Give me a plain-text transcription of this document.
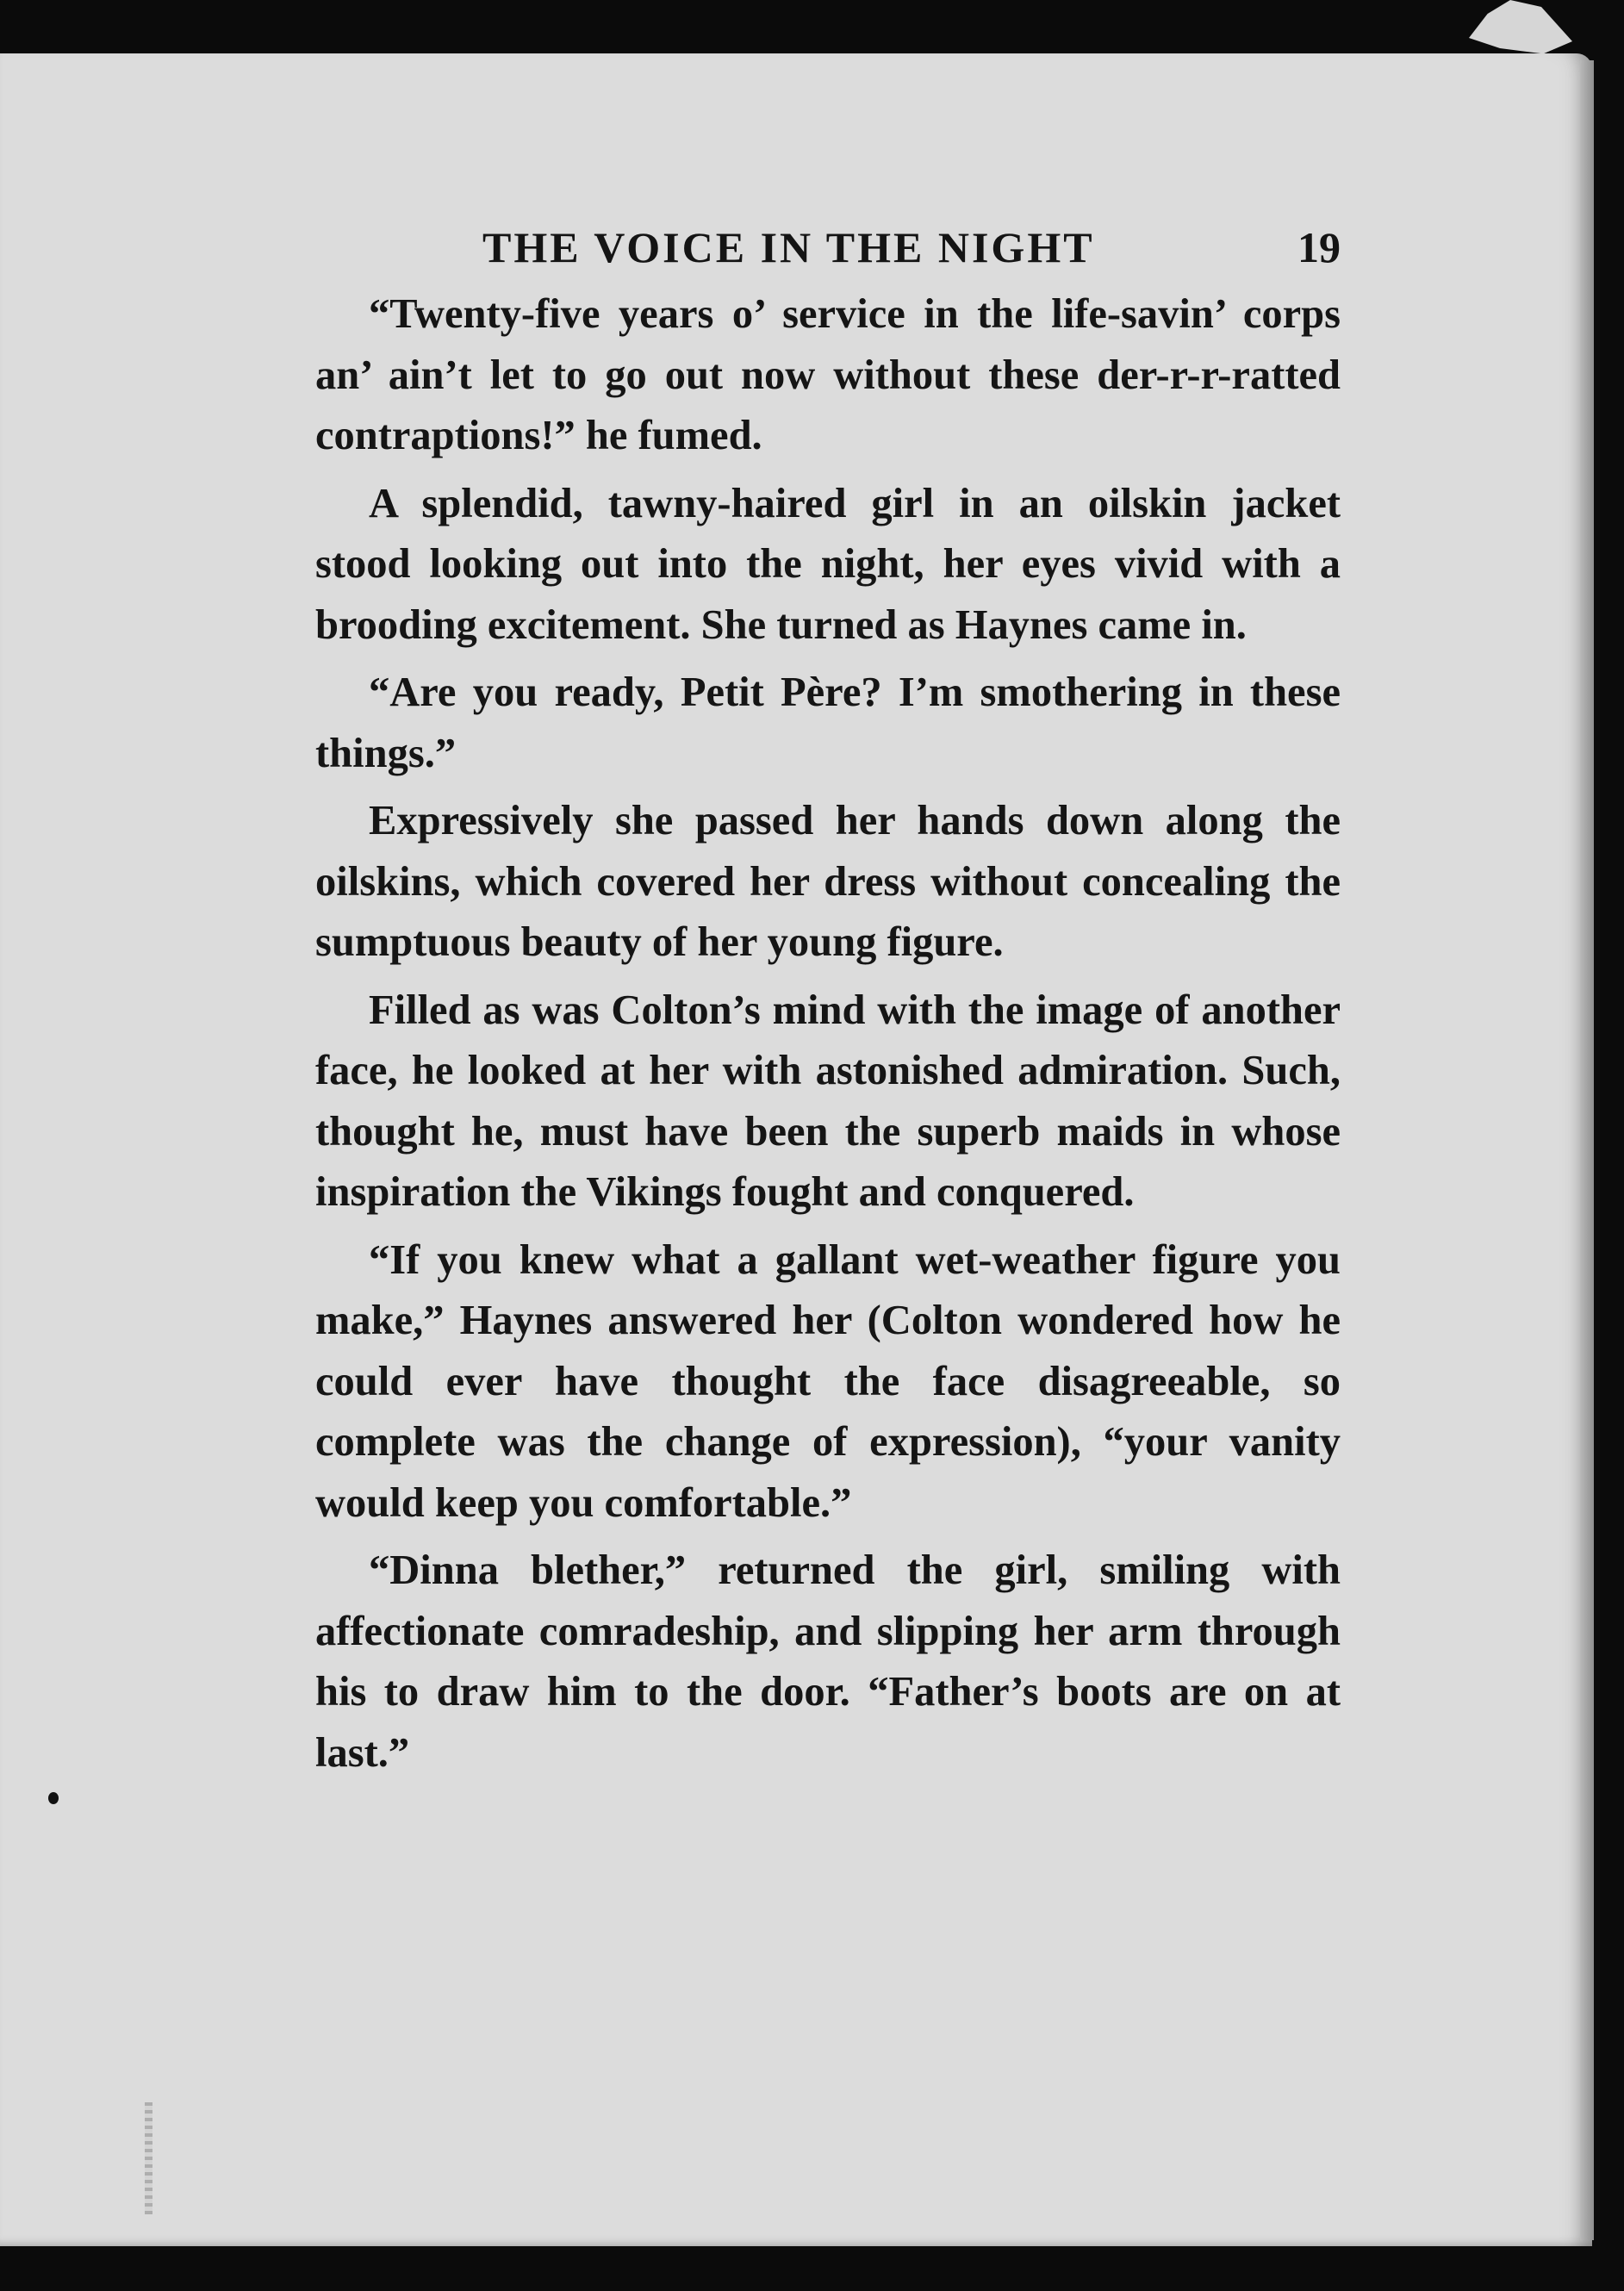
THE VOICE IN THE NIGHT	19

“Twenty-five years o’ service in the life-savin’ corps an’ ain’t let to go out now without these der-r-r-ratted contraptions!” he fumed.

A splendid, tawny-haired girl in an oilskin jacket stood looking out into the night, her eyes vivid with a brooding excitement. She turned as Haynes came in.

“Are you ready, Petit Père? I’m smothering in these things.”

Expressively she passed her hands down along the oilskins, which covered her dress without concealing the sumptuous beauty of her young figure.

Filled as was Colton’s mind with the image of another face, he looked at her with astonished admiration. Such, thought he, must have been the superb maids in whose inspiration the Vikings fought and conquered.

“If you knew what a gallant wet-weather figure you make,” Haynes answered her (Colton wondered how he could ever have thought the face disagreeable, so complete was the change of expression), “your vanity would keep you comfortable.”

“Dinna blether,” returned the girl, smiling with affectionate comradeship, and slipping her arm through his to draw him to the door. “Father’s boots are on at last.”
